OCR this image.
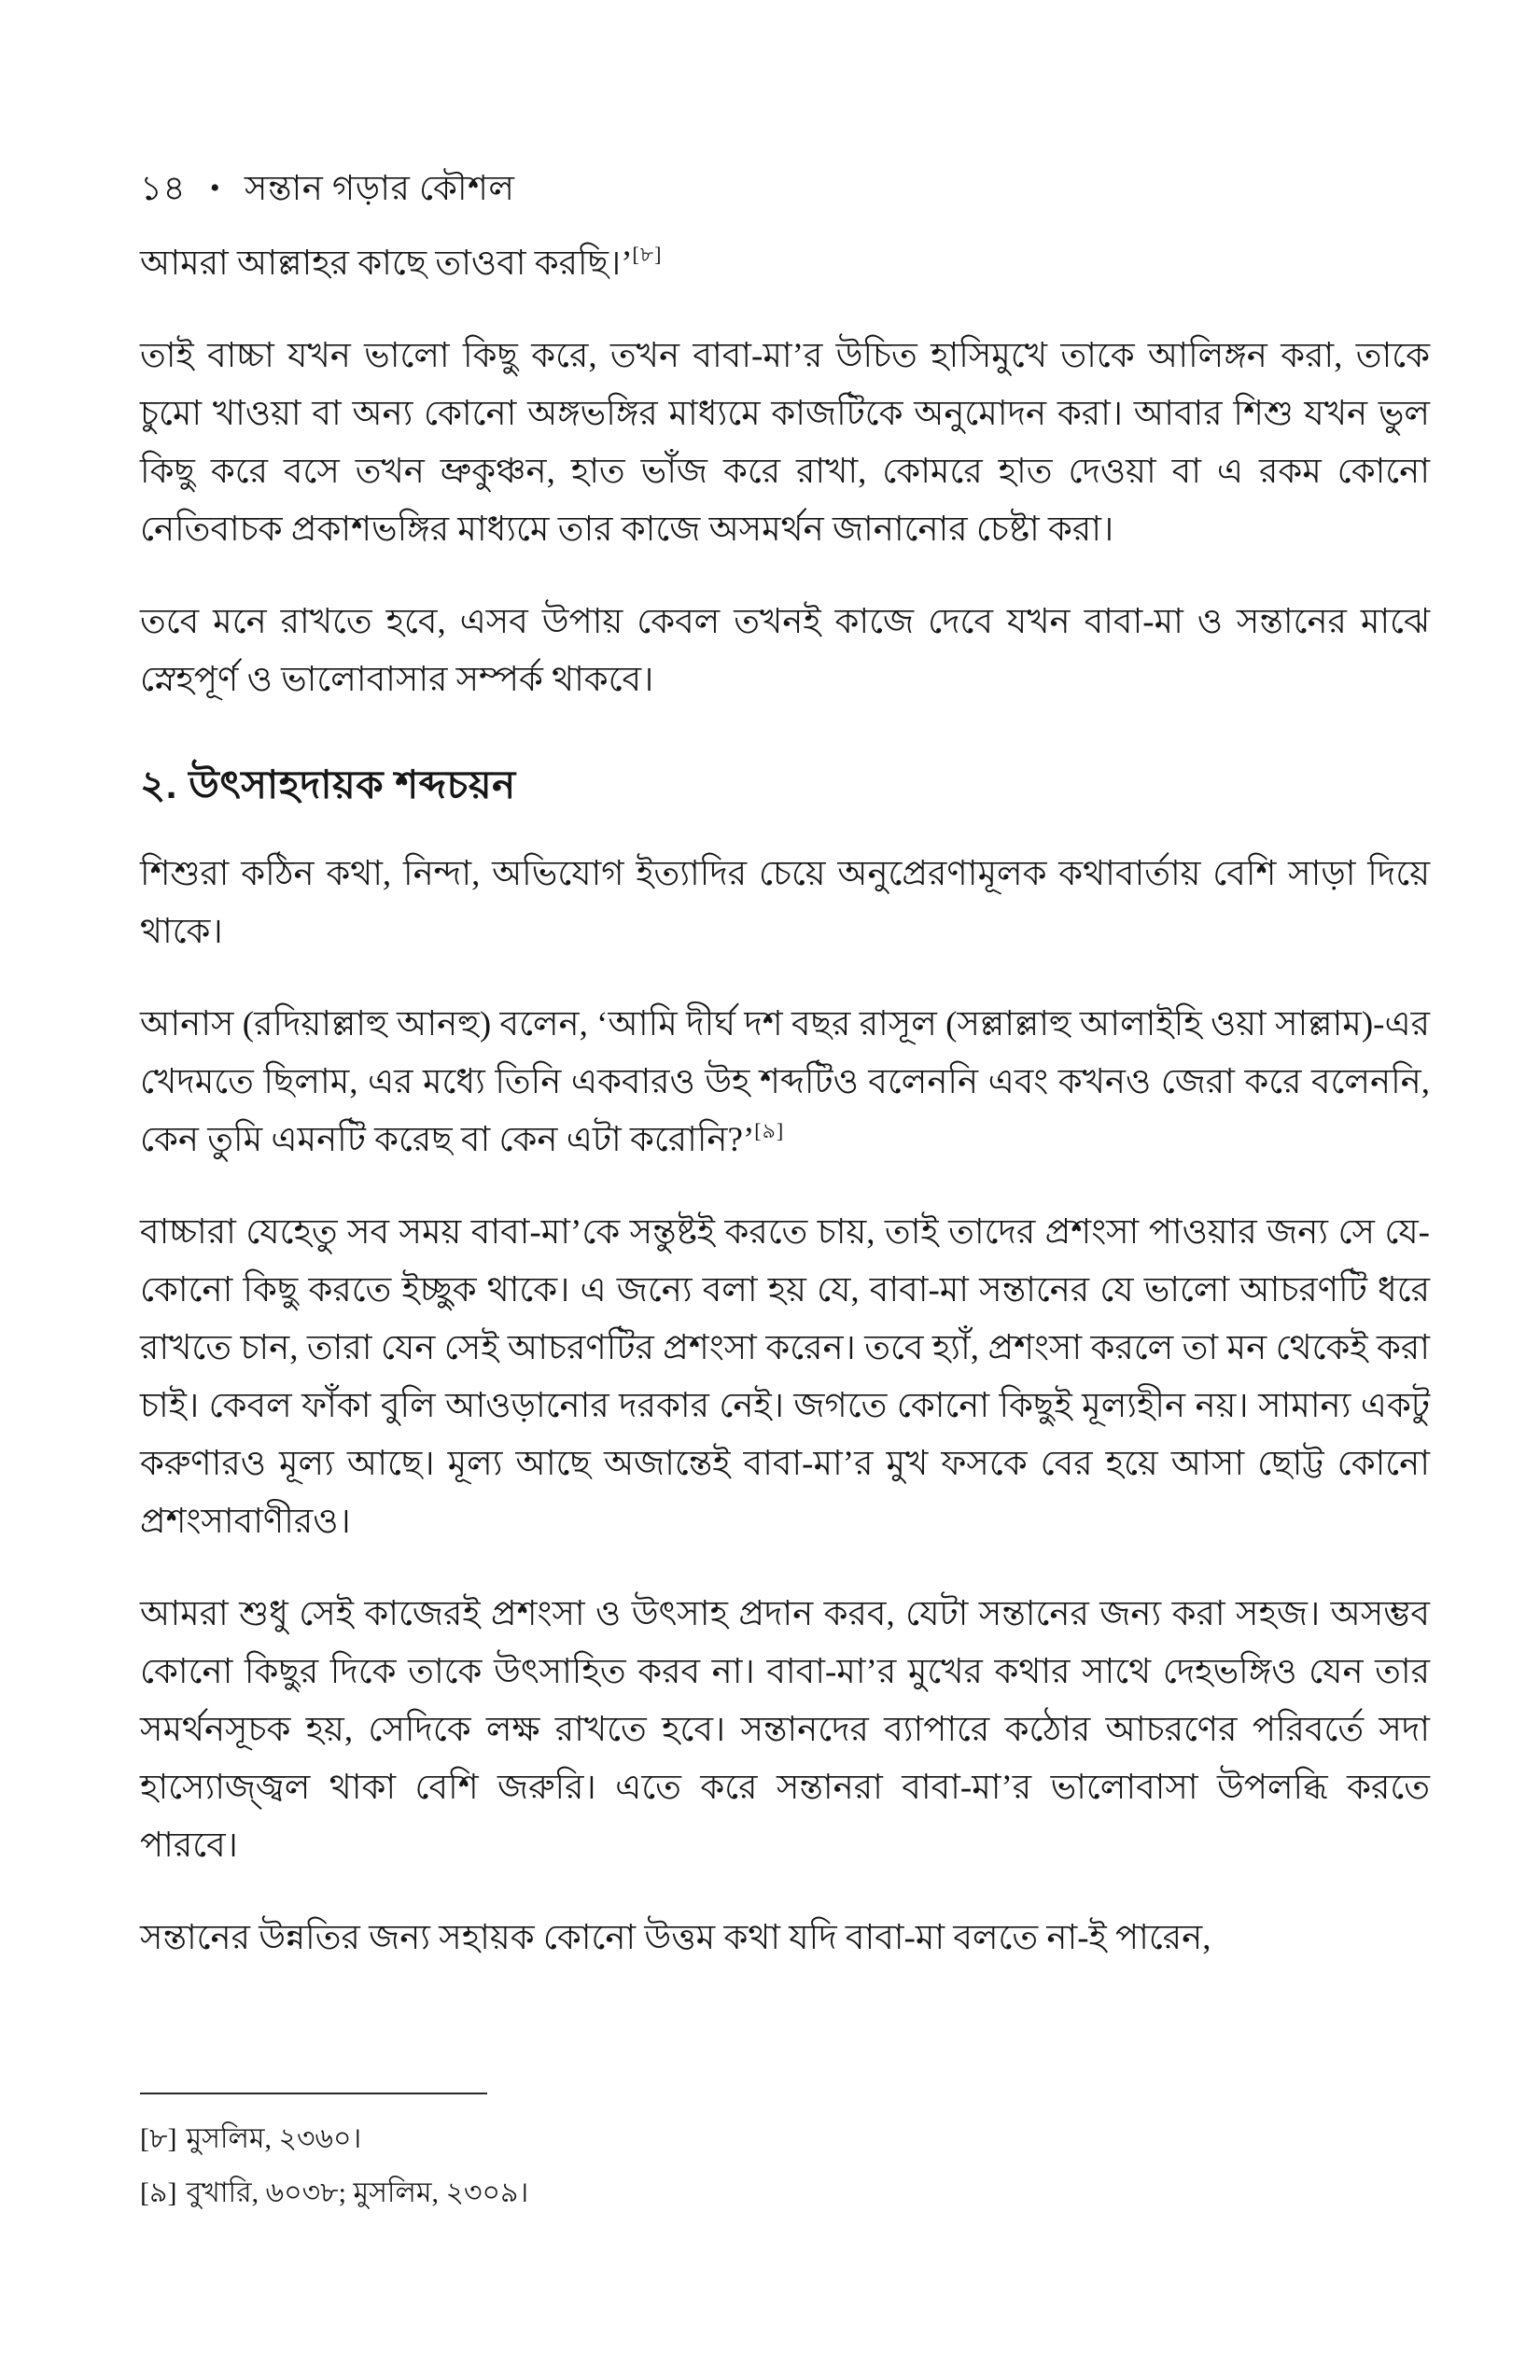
১৪ • সন্তান গড়ার কৌশল

আমরা আল্লাহর কাছে তাওবা করছি।’[৮]

তাই বাচ্চা যখন ভালো কিছু করে, তখন বাবা-মা’র উচিত হাসিমুখে তাকে আলিঙ্গন করা, তাকে চুমো খাওয়া বা অন্য কোনো অঙ্গভঙ্গির মাধ্যমে কাজটিকে অনুমোদন করা। আবার শিশু যখন ভুল কিছু করে বসে তখন ভ্রুকুঞ্চন, হাত ভাঁজ করে রাখা, কোমরে হাত দেওয়া বা এ রকম কোনো নেতিবাচক প্রকাশভঙ্গির মাধ্যমে তার কাজে অসমর্থন জানানোর চেষ্টা করা।

তবে মনে রাখতে হবে, এসব উপায় কেবল তখনই কাজে দেবে যখন বাবা-মা ও সন্তানের মাঝে স্নেহপূর্ণ ও ভালোবাসার সম্পর্ক থাকবে।

২. উৎসাহদায়ক শব্দচয়ন

শিশুরা কঠিন কথা, নিন্দা, অভিযোগ ইত্যাদির চেয়ে অনুপ্রেরণামূলক কথাবার্তায় বেশি সাড়া দিয়ে থাকে।

আনাস (রদিয়াল্লাহু আনহু) বলেন, ‘আমি দীর্ঘ দশ বছর রাসূল (সল্লাল্লাহু আলাইহি ওয়া সাল্লাম)-এর খেদমতে ছিলাম, এর মধ্যে তিনি একবারও উহ শব্দটিও বলেননি এবং কখনও জেরা করে বলেননি, কেন তুমি এমনটি করেছ বা কেন এটা করোনি?’[৯]

বাচ্চারা যেহেতু সব সময় বাবা-মা’কে সন্তুষ্টই করতে চায়, তাই তাদের প্রশংসা পাওয়ার জন্য সে যে-কোনো কিছু করতে ইচ্ছুক থাকে। এ জন্যে বলা হয় যে, বাবা-মা সন্তানের যে ভালো আচরণটি ধরে রাখতে চান, তারা যেন সেই আচরণটির প্রশংসা করেন। তবে হ্যাঁ, প্রশংসা করলে তা মন থেকেই করা চাই। কেবল ফাঁকা বুলি আওড়ানোর দরকার নেই। জগতে কোনো কিছুই মূল্যহীন নয়। সামান্য একটু করুণারও মূল্য আছে। মূল্য আছে অজান্তেই বাবা-মা’র মুখ ফসকে বের হয়ে আসা ছোট্ট কোনো প্রশংসাবাণীরও।

আমরা শুধু সেই কাজেরই প্রশংসা ও উৎসাহ প্রদান করব, যেটা সন্তানের জন্য করা সহজ। অসম্ভব কোনো কিছুর দিকে তাকে উৎসাহিত করব না। বাবা-মা’র মুখের কথার সাথে দেহভঙ্গিও যেন তার সমর্থনসূচক হয়, সেদিকে লক্ষ রাখতে হবে। সন্তানদের ব্যাপারে কঠোর আচরণের পরিবর্তে সদা হাস্যোজ্জ্বল থাকা বেশি জরুরি। এতে করে সন্তানরা বাবা-মা’র ভালোবাসা উপলব্ধি করতে পারবে।

সন্তানের উন্নতির জন্য সহায়ক কোনো উত্তম কথা যদি বাবা-মা বলতে না-ই পারেন,

[৮] মুসলিম, ২৩৬০।
[৯] বুখারি, ৬০৩৮; মুসলিম, ২৩০৯।
